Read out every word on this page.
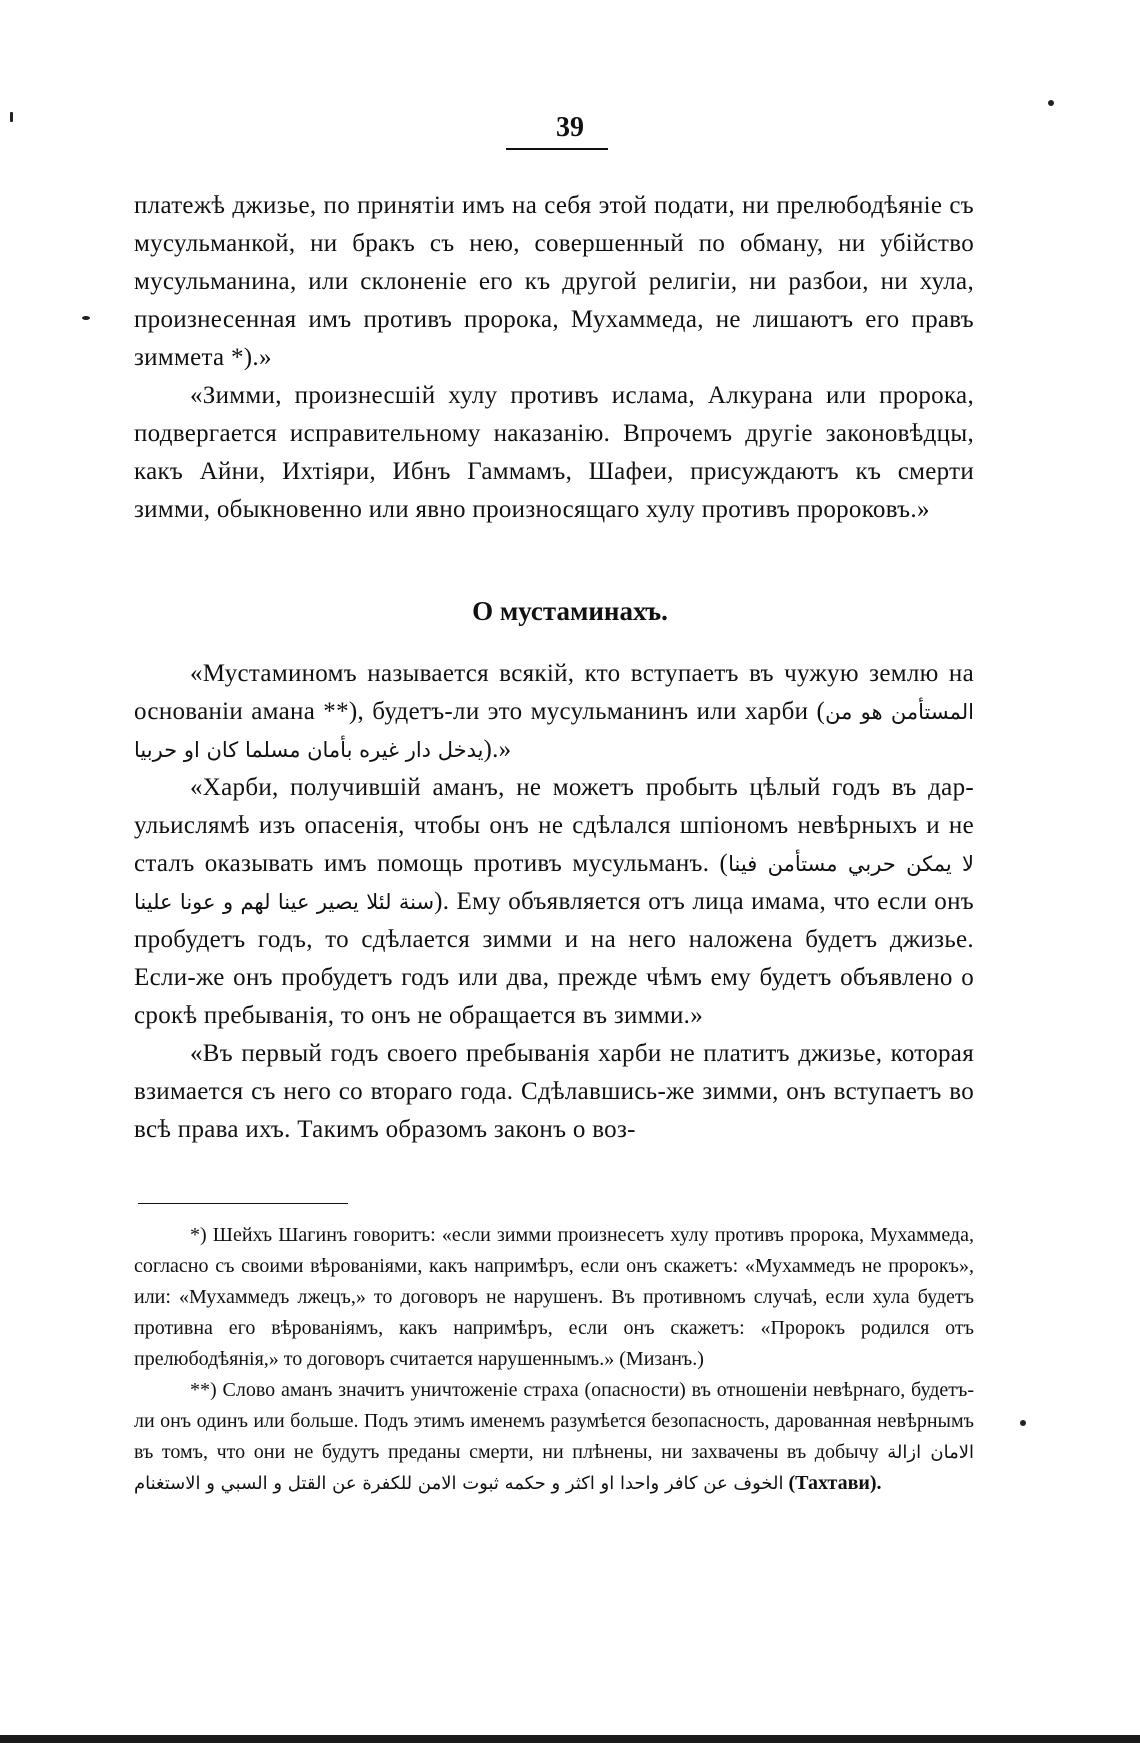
39

платежѣ джизье, по принятіи имъ на себя этой подати, ни прелюбодѣяніе съ мусульманкой, ни бракъ съ нею, совершенный по обману, ни убійство мусульманина, или склоненіе его къ другой религіи, ни разбои, ни хула, произнесенная имъ противъ пророка, Мухаммеда, не лишаютъ его правъ зиммета *).»

«Зимми, произнесшій хулу противъ ислама, Алкурана или пророка, подвергается исправительному наказанію. Впрочемъ другіе законовѣдцы, какъ Айни, Ихтіяри, Ибнъ Гаммамъ, Шафеи, присуждаютъ къ смерти зимми, обыкновенно или явно произносящаго хулу противъ пророковъ.»

О мустаминахъ.

«Мустаминомъ называется всякій, кто вступаетъ въ чужую землю на основаніи амана **), будетъ-ли это мусульманинъ или харби (المستأمن هو من يدخل دار غيره بأمان مسلما كان او حربيا).»

«Харби, получившій аманъ, не можетъ пробыть цѣлый годъ въ дар-ульислямѣ изъ опасенія, чтобы онъ не сдѣлался шпіономъ невѣрныхъ и не сталъ оказывать имъ помощь противъ мусульманъ. (لا يمكن حربي مستأمن فينا سنة لئلا يصير عينا لهم و عونا علينا). Ему объявляется отъ лица имама, что если онъ пробудетъ годъ, то сдѣлается зимми и на него наложена будетъ джизье. Если-же онъ пробудетъ годъ или два, прежде чѣмъ ему будетъ объявлено о срокѣ пребыванія, то онъ не обращается въ зимми.»

«Въ первый годъ своего пребыванія харби не платитъ джизье, которая взимается съ него со втораго года. Сдѣлавшись-же зимми, онъ вступаетъ во всѣ права ихъ. Такимъ образомъ законъ о воз-

*) Шейхъ Шагинъ говоритъ: «если зимми произнесетъ хулу противъ пророка, Мухаммеда, согласно съ своими вѣрованіями, какъ напримѣръ, если онъ скажетъ: «Мухаммедъ не пророкъ», или: «Мухаммедъ лжецъ,» то договоръ не нарушенъ. Въ противномъ случаѣ, если хула будетъ противна его вѣрованіямъ, какъ напримѣръ, если онъ скажетъ: «Пророкъ родился отъ прелюбодѣянія,» то договоръ считается нарушеннымъ.» (Мизанъ.)

**) Слово аманъ значитъ уничтоженіе страха (опасности) въ отношеніи невѣрнаго, будетъ-ли онъ одинъ или больше. Подъ этимъ именемъ разумѣется безопасность, дарованная невѣрнымъ въ томъ, что они не будутъ преданы смерти, ни плѣнены, ни захвачены въ добычу الامان ازالة الخوف عن كافر واحدا او اكثر و حكمه ثبوت الامن للكفرة عن القتل و السبي و الاستغنام (Тахтави).
